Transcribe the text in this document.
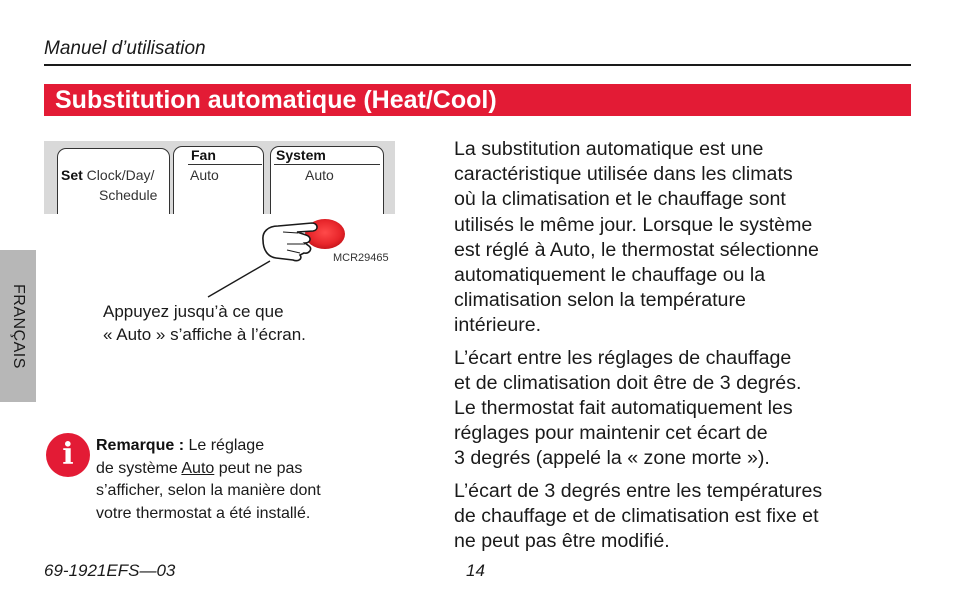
Manuel d’utilisation
Substitution automatique (Heat/Cool)
FRANÇAIS
Set Clock/Day/
Schedule
Fan
Auto
System
Auto
i
MCR29465
Appuyez jusqu’à ce que
« Auto » s’affiche à l’écran.
Remarque : Le réglage
de système Auto peut ne pas
s’afficher, selon la manière dont
votre thermostat a été installé.

La substitution automatique est une
caractéristique utilisée dans les climats
où la climatisation et le chauffage sont
utilisés le même jour. Lorsque le système
est réglé à Auto, le thermostat sélectionne
automatiquement le chauffage ou la
climatisation selon la température
intérieure.

L’écart entre les réglages de chauffage
et de climatisation doit être de 3 degrés.
Le thermostat fait automatiquement les
réglages pour maintenir cet écart de
3 degrés (appelé la « zone morte »).

L’écart de 3 degrés entre les températures
de chauffage et de climatisation est fixe et
ne peut pas être modifié.

69-1921EFS—03	14
